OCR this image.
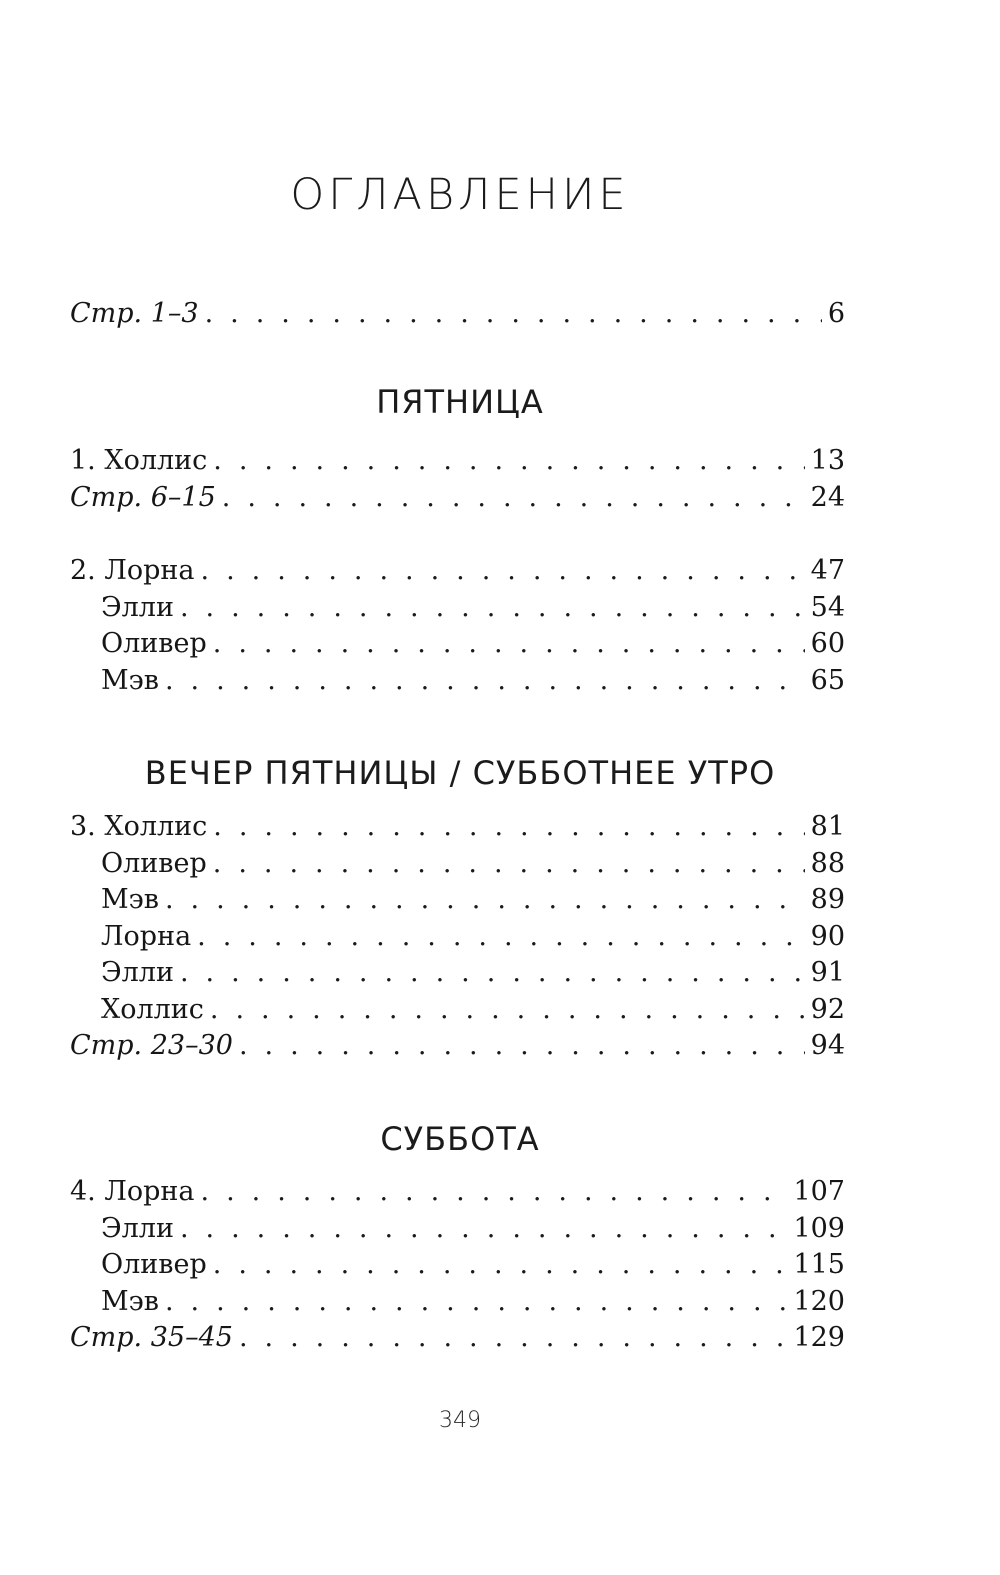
ОГЛАВЛЕНИЕ
Стр. 1–3 . . .	6
ПЯТНИЦА
1. Холлис . . .	13
Стр. 6–15 . . .	24
2. Лорна . . .	47
Элли . . .	54
Оливер . . .	60
Мэв . . .	65
ВЕЧЕР ПЯТНИЦЫ / СУББОТНЕЕ УТРО
3. Холлис . . .	81
Оливер . . .	88
Мэв . . .	89
Лорна . . .	90
Элли . . .	91
Холлис . . .	92
Стр. 23–30 . . .	94
СУББОТА
4. Лорна . . .	107
Элли . . .	109
Оливер . . .	115
Мэв . . .	120
Стр. 35–45 . . .	129
349
